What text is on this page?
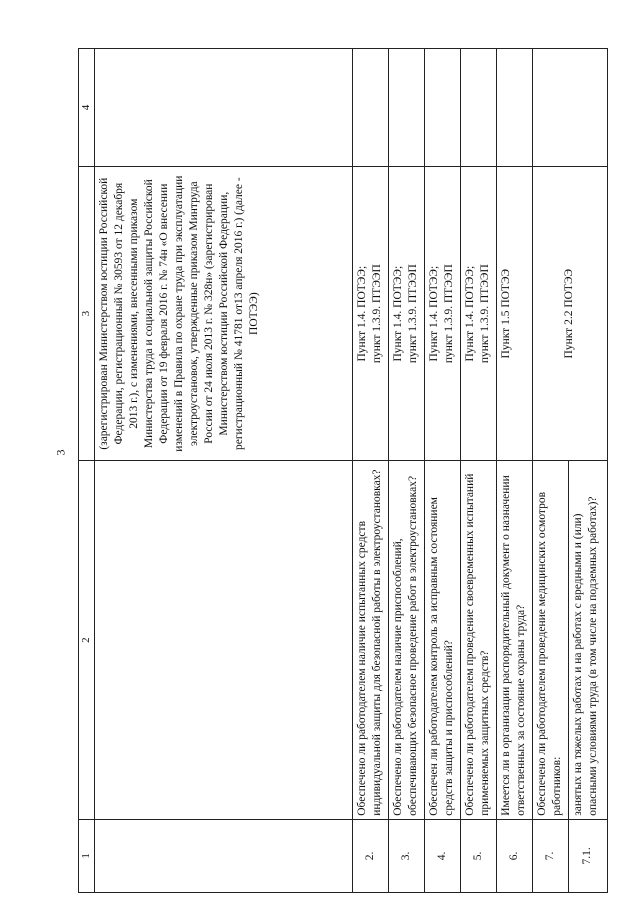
3
1	2	3	4
		(зарегистрирован Министерством юстиции Российской Федерации, регистрационный № 30593 от 12 декабря 2013 г.), с изменениями, внесенными приказом Министерства труда и социальной защиты Российской Федерации от 19 февраля 2016 г. № 74н «О внесении изменений в Правила по охране труда при эксплуатации электроустановок, утвержденные приказом Минтруда России от 24 июля 2013 г. № 328н» (зарегистрирован Министерством юстиции Российской Федерации, регистрационный № 41781 от13 апреля 2016 г.) (далее - ПОТЭЭ)	
2.	Обеспечено ли работодателем наличие испытанных средств индивидуальной защиты для безопасной работы в электроустановках?	Пункт 1.4. ПОТЭЭ; пункт 1.3.9. ПТЭЭП	

3.	Обеспечено ли работодателем наличие приспособлений, обеспечивающих безопасное проведение работ в электроустановках?	Пункт 1.4. ПОТЭЭ; пункт 1.3.9. ПТЭЭП	

4.	Обеспечен ли работодателем контроль за исправным состоянием средств защиты и приспособлений?	Пункт 1.4. ПОТЭЭ; пункт 1.3.9. ПТЭЭП	

5.	Обеспечено ли работодателем проведение своевременных испытаний применяемых защитных средств?	Пункт 1.4. ПОТЭЭ; пункт 1.3.9. ПТЭЭП	

6.	Имеется ли в организации распорядительный документ о назначении ответственных за состояние охраны труда?	Пункт 1.5 ПОТЭЭ	
7.	Обеспечено ли работодателем проведение медицинских осмотров работников:	Пункт 2.2 ПОТЭЭ	
7.1.	занятых на тяжелых работах и на работах с вредными и (или) опасными условиями труда (в том числе на подземных работах)?		
